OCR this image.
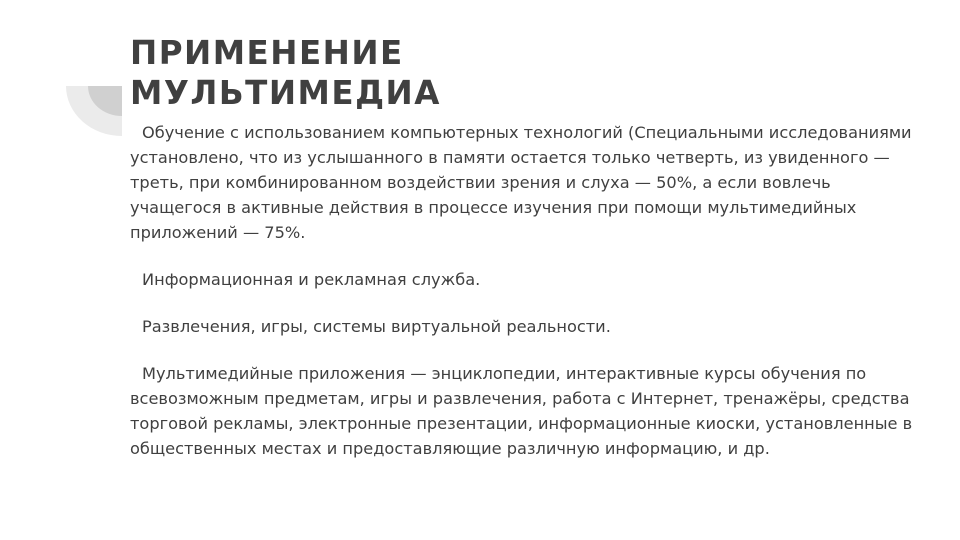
ПРИМЕНЕНИЕ
МУЛЬТИМЕДИА

Обучение с использованием компьютерных технологий (Специальными исследованиями установлено, что из услышанного в памяти остается только четверть, из увиденного — треть, при комбинированном воздействии зрения и слуха — 50%, а если вовлечь учащегося в активные действия в процессе изучения при помощи мультимедийных приложений — 75%.

Информационная и рекламная служба.

Развлечения, игры, системы виртуальной реальности.

Мультимедийные приложения — энциклопедии, интерактивные курсы обучения по всевозможным предметам, игры и развлечения, работа с Интернет, тренажёры, средства торговой рекламы, электронные презентации, информационные киоски, установленные в общественных местах и предоставляющие различную информацию, и др.
